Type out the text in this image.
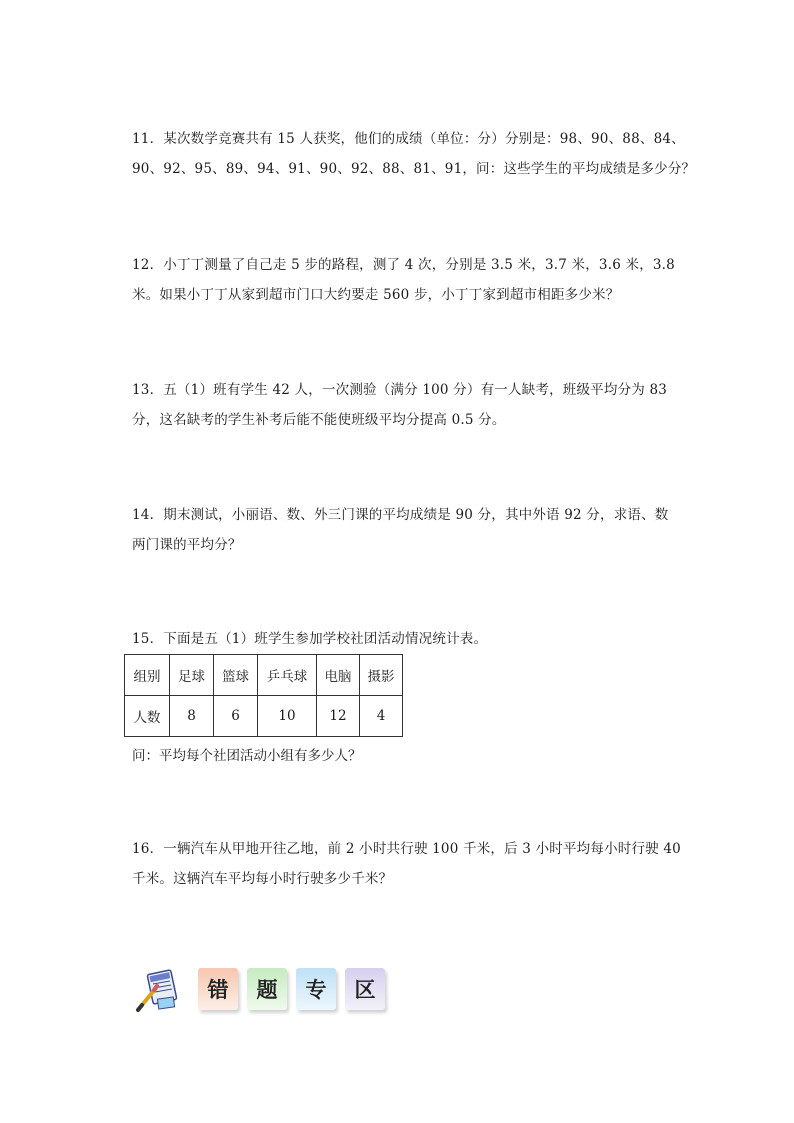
11．某次数学竞赛共有 15 人获奖，他们的成绩（单位：分）分别是：98、90、88、84、
90、92、95、89、94、91、90、92、88、81、91，问：这些学生的平均成绩是多少分？
12．小丁丁测量了自己走 5 步的路程，测了 4 次，分别是 3.5 米，3.7 米，3.6 米，3.8
米。如果小丁丁从家到超市门口大约要走 560 步，小丁丁家到超市相距多少米？
13．五（1）班有学生 42 人，一次测验（满分 100 分）有一人缺考，班级平均分为 83
分，这名缺考的学生补考后能不能使班级平均分提高 0.5 分。
14．期末测试，小丽语、数、外三门课的平均成绩是 90 分，其中外语 92 分，求语、数
两门课的平均分？
15．下面是五（1）班学生参加学校社团活动情况统计表。
组别	足球	篮球	乒乓球	电脑	摄影
人数	8	6	10	12	4
问：平均每个社团活动小组有多少人？
16．一辆汽车从甲地开往乙地，前 2 小时共行驶 100 千米，后 3 小时平均每小时行驶 40
千米。这辆汽车平均每小时行驶多少千米？
错	题	专	区
